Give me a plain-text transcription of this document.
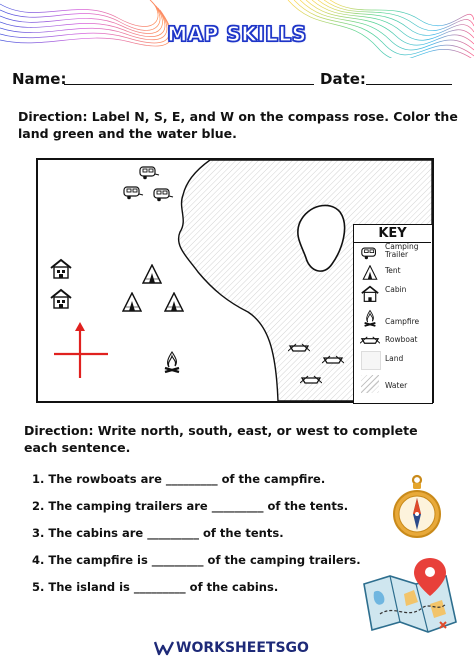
MAP SKILLS
Name:	Date:
Direction: Label N, S, E, and W on the compass rose. Color the land green and the water blue.
KEY
Camping Trailer
Tent
Cabin
Campfire
Rowboat
Land
Water
Direction: Write north, south, east, or west to complete each sentence.
1. The rowboats are _________ of the campfire.
2. The camping trailers are _________ of the tents.
3. The cabins are _________ of the tents.
4. The campfire is _________ of the camping trailers.
5. The island is _________ of the cabins.
WORKSHEETSGO
